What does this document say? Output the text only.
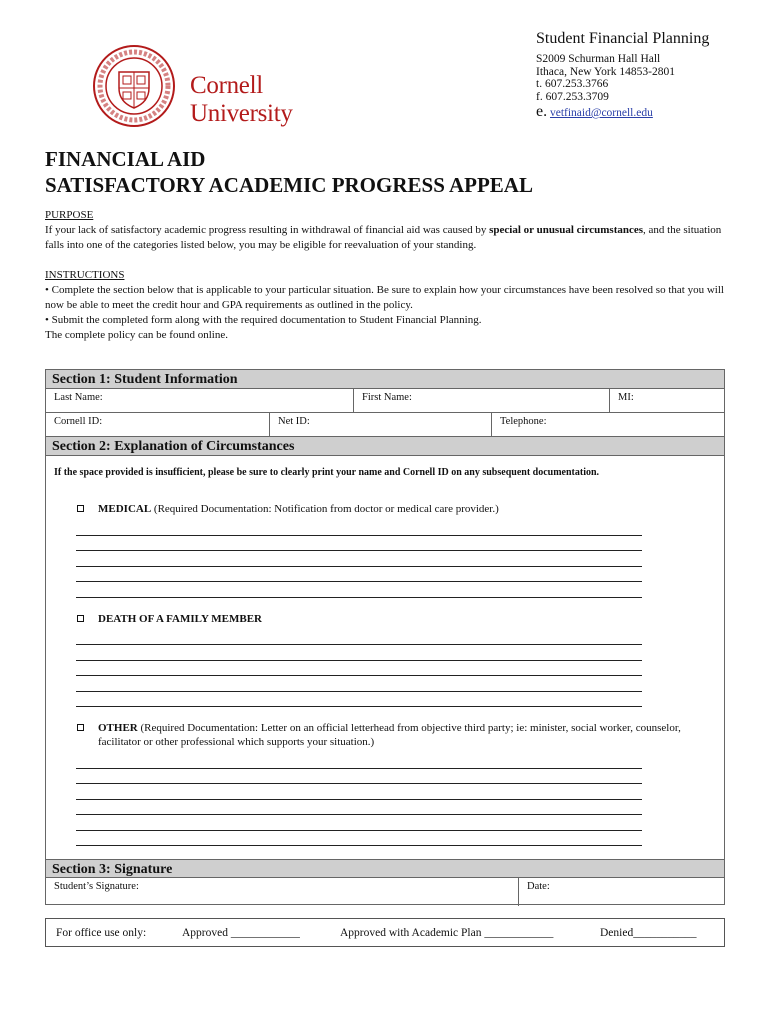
Cornell University
Student Financial Planning
S2009 Schurman Hall Hall
Ithaca, New York 14853-2801
t. 607.253.3766
f. 607.253.3709
e. vetfinaid@cornell.edu
FINANCIAL AID
SATISFACTORY ACADEMIC PROGRESS APPEAL
PURPOSE
If your lack of satisfactory academic progress resulting in withdrawal of financial aid was caused by special or unusual circumstances, and the situation falls into one of the categories listed below, you may be eligible for reevaluation of your standing.
INSTRUCTIONS
• Complete the section below that is applicable to your particular situation. Be sure to explain how your circumstances have been resolved so that you will now be able to meet the credit hour and GPA requirements as outlined in the policy.
• Submit the completed form along with the required documentation to Student Financial Planning.
The complete policy can be found online.
Section 1: Student Information
Last Name:	First Name:	MI:
Cornell ID:	Net ID:	Telephone:
Section 2: Explanation of Circumstances
If the space provided is insufficient, please be sure to clearly print your name and Cornell ID on any subsequent documentation.
MEDICAL (Required Documentation: Notification from doctor or medical care provider.)
DEATH OF A FAMILY MEMBER
OTHER (Required Documentation: Letter on an official letterhead from objective third party; ie: minister, social worker, counselor, facilitator or other professional which supports your situation.)
Section 3: Signature
Student’s Signature:	Date:
For office use only:	Approved ____________	Approved with Academic Plan ____________	Denied___________
